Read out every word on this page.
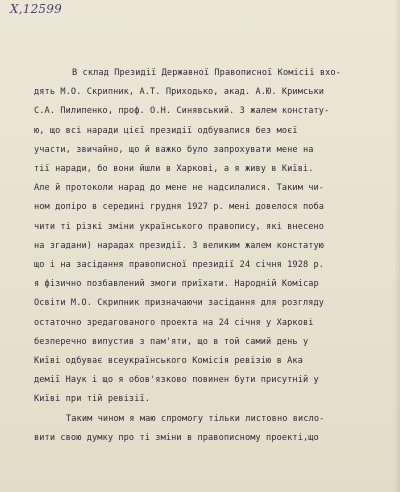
Х,12599
В склад Президії Державної Правописної Комісії вхо-
дять М.О. Скрипник, А.Т. Приходько, акад. А.Ю. Кримськи
С.А. Пилипенко, проф. О.Н. Синявський. З жалем констату-
ю, що всі наради цієї президії одбувалися без моєї
участи, звичайно, що й важко було запрохувати мене на
тії наради, бо вони йшли в Харкові, а я живу в Київі.
Але й протоколи нарад до мене не надсилалися. Таким чи-
ном допіро в середині грудня 1927 р. мені довелося поба
чити ті різкі зміни українського правопису, які внесено
на згадани) нарадах президії. З великим жалем констатую
що і на засідання правописної президії 24 січня 1928 р.
я фізично позбавлений змоги приїхати. Народній Комісар
Освіти М.О. Скрипник призначаючи засідання для розгляду
остаточно зредагованого проекта на 24 січня у Харкові
безперечно випустив з пам'яти, що в той самий день у
Київі одбуває всеукраїнського Комісія ревізію в Ака
демії Наук і що я обов'язково повинен бути присутній у
Київі при тій ревізії.
Таким чином я маю спромогу тільки листовно висло-
вити свою думку про ті зміни в правописному проекті,що
